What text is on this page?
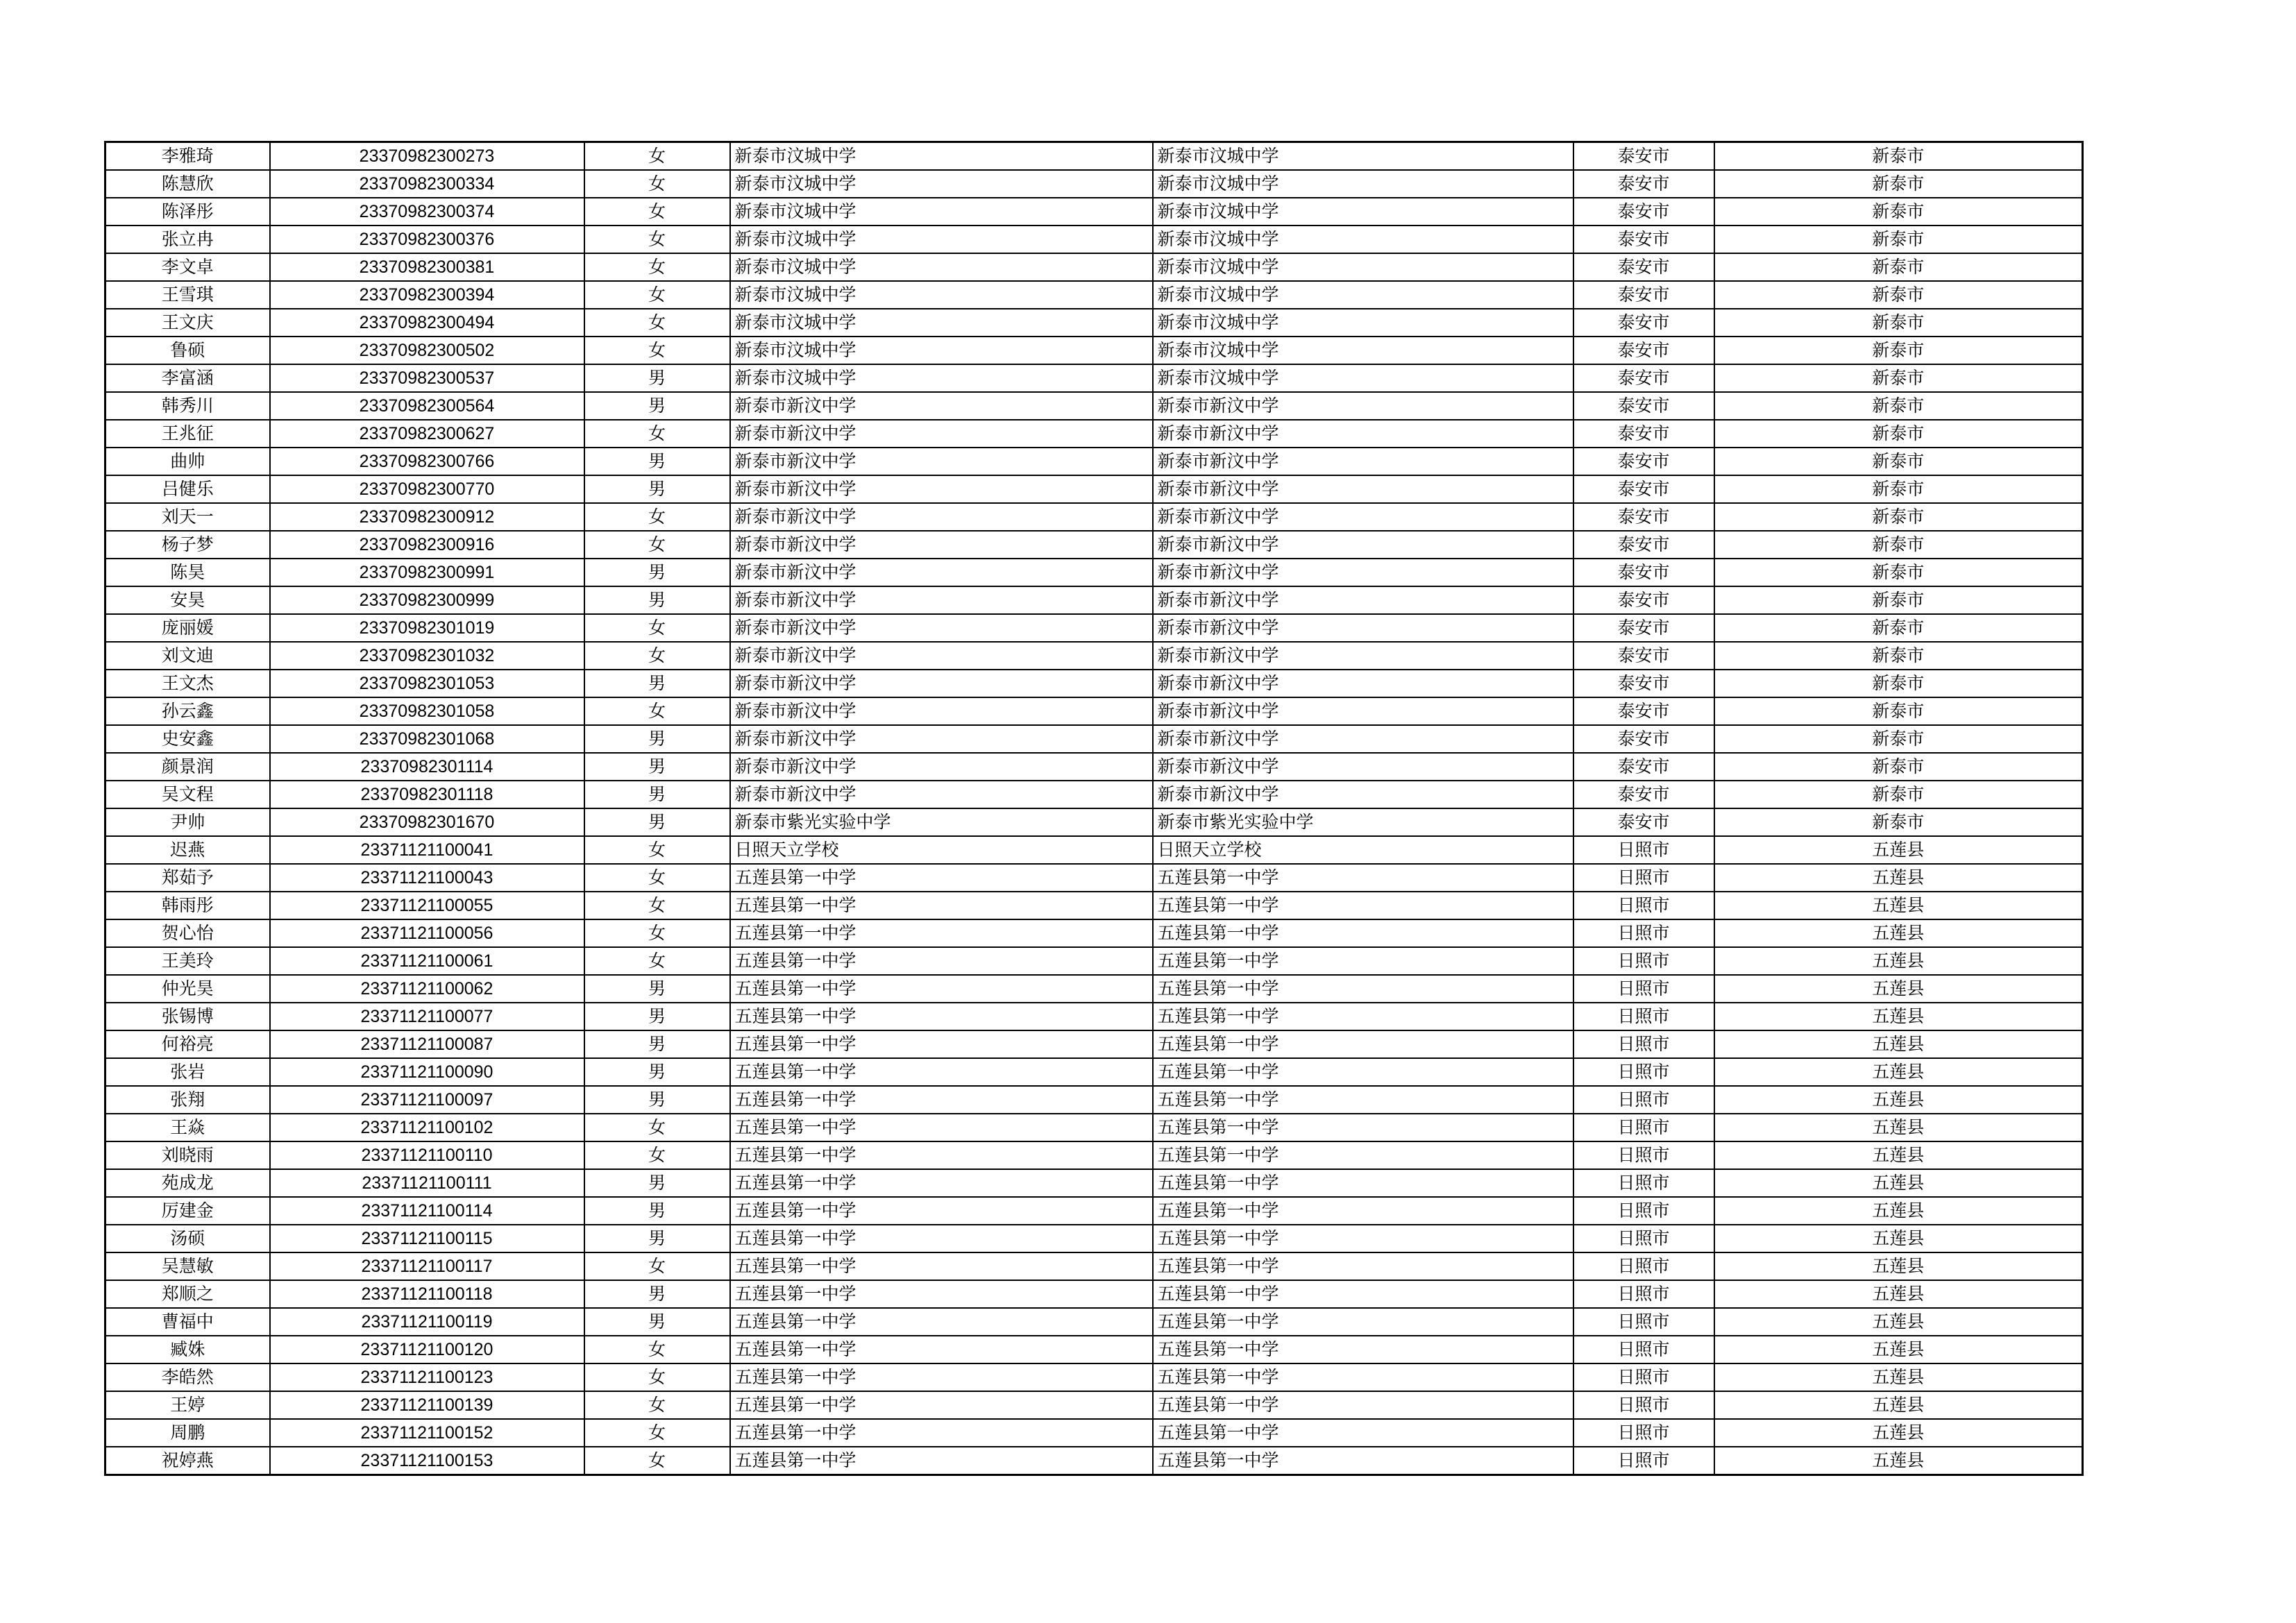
李雅琦	23370982300273	女	新泰市汶城中学	新泰市汶城中学	泰安市	新泰市
陈慧欣	23370982300334	女	新泰市汶城中学	新泰市汶城中学	泰安市	新泰市
陈泽彤	23370982300374	女	新泰市汶城中学	新泰市汶城中学	泰安市	新泰市
张立冉	23370982300376	女	新泰市汶城中学	新泰市汶城中学	泰安市	新泰市
李文卓	23370982300381	女	新泰市汶城中学	新泰市汶城中学	泰安市	新泰市
王雪琪	23370982300394	女	新泰市汶城中学	新泰市汶城中学	泰安市	新泰市
王文庆	23370982300494	女	新泰市汶城中学	新泰市汶城中学	泰安市	新泰市
鲁硕	23370982300502	女	新泰市汶城中学	新泰市汶城中学	泰安市	新泰市
李富涵	23370982300537	男	新泰市汶城中学	新泰市汶城中学	泰安市	新泰市
韩秀川	23370982300564	男	新泰市新汶中学	新泰市新汶中学	泰安市	新泰市
王兆征	23370982300627	女	新泰市新汶中学	新泰市新汶中学	泰安市	新泰市
曲帅	23370982300766	男	新泰市新汶中学	新泰市新汶中学	泰安市	新泰市
吕健乐	23370982300770	男	新泰市新汶中学	新泰市新汶中学	泰安市	新泰市
刘天一	23370982300912	女	新泰市新汶中学	新泰市新汶中学	泰安市	新泰市
杨子梦	23370982300916	女	新泰市新汶中学	新泰市新汶中学	泰安市	新泰市
陈昊	23370982300991	男	新泰市新汶中学	新泰市新汶中学	泰安市	新泰市
安昊	23370982300999	男	新泰市新汶中学	新泰市新汶中学	泰安市	新泰市
庞丽媛	23370982301019	女	新泰市新汶中学	新泰市新汶中学	泰安市	新泰市
刘文迪	23370982301032	女	新泰市新汶中学	新泰市新汶中学	泰安市	新泰市
王文杰	23370982301053	男	新泰市新汶中学	新泰市新汶中学	泰安市	新泰市
孙云鑫	23370982301058	女	新泰市新汶中学	新泰市新汶中学	泰安市	新泰市
史安鑫	23370982301068	男	新泰市新汶中学	新泰市新汶中学	泰安市	新泰市
颜景润	23370982301114	男	新泰市新汶中学	新泰市新汶中学	泰安市	新泰市
吴文程	23370982301118	男	新泰市新汶中学	新泰市新汶中学	泰安市	新泰市
尹帅	23370982301670	男	新泰市紫光实验中学	新泰市紫光实验中学	泰安市	新泰市
迟燕	23371121100041	女	日照天立学校	日照天立学校	日照市	五莲县
郑茹予	23371121100043	女	五莲县第一中学	五莲县第一中学	日照市	五莲县
韩雨彤	23371121100055	女	五莲县第一中学	五莲县第一中学	日照市	五莲县
贺心怡	23371121100056	女	五莲县第一中学	五莲县第一中学	日照市	五莲县
王美玲	23371121100061	女	五莲县第一中学	五莲县第一中学	日照市	五莲县
仲光昊	23371121100062	男	五莲县第一中学	五莲县第一中学	日照市	五莲县
张锡博	23371121100077	男	五莲县第一中学	五莲县第一中学	日照市	五莲县
何裕亮	23371121100087	男	五莲县第一中学	五莲县第一中学	日照市	五莲县
张岩	23371121100090	男	五莲县第一中学	五莲县第一中学	日照市	五莲县
张翔	23371121100097	男	五莲县第一中学	五莲县第一中学	日照市	五莲县
王焱	23371121100102	女	五莲县第一中学	五莲县第一中学	日照市	五莲县
刘晓雨	23371121100110	女	五莲县第一中学	五莲县第一中学	日照市	五莲县
苑成龙	23371121100111	男	五莲县第一中学	五莲县第一中学	日照市	五莲县
厉建金	23371121100114	男	五莲县第一中学	五莲县第一中学	日照市	五莲县
汤硕	23371121100115	男	五莲县第一中学	五莲县第一中学	日照市	五莲县
吴慧敏	23371121100117	女	五莲县第一中学	五莲县第一中学	日照市	五莲县
郑顺之	23371121100118	男	五莲县第一中学	五莲县第一中学	日照市	五莲县
曹福中	23371121100119	男	五莲县第一中学	五莲县第一中学	日照市	五莲县
臧姝	23371121100120	女	五莲县第一中学	五莲县第一中学	日照市	五莲县
李皓然	23371121100123	女	五莲县第一中学	五莲县第一中学	日照市	五莲县
王婷	23371121100139	女	五莲县第一中学	五莲县第一中学	日照市	五莲县
周鹏	23371121100152	女	五莲县第一中学	五莲县第一中学	日照市	五莲县
祝婷燕	23371121100153	女	五莲县第一中学	五莲县第一中学	日照市	五莲县
